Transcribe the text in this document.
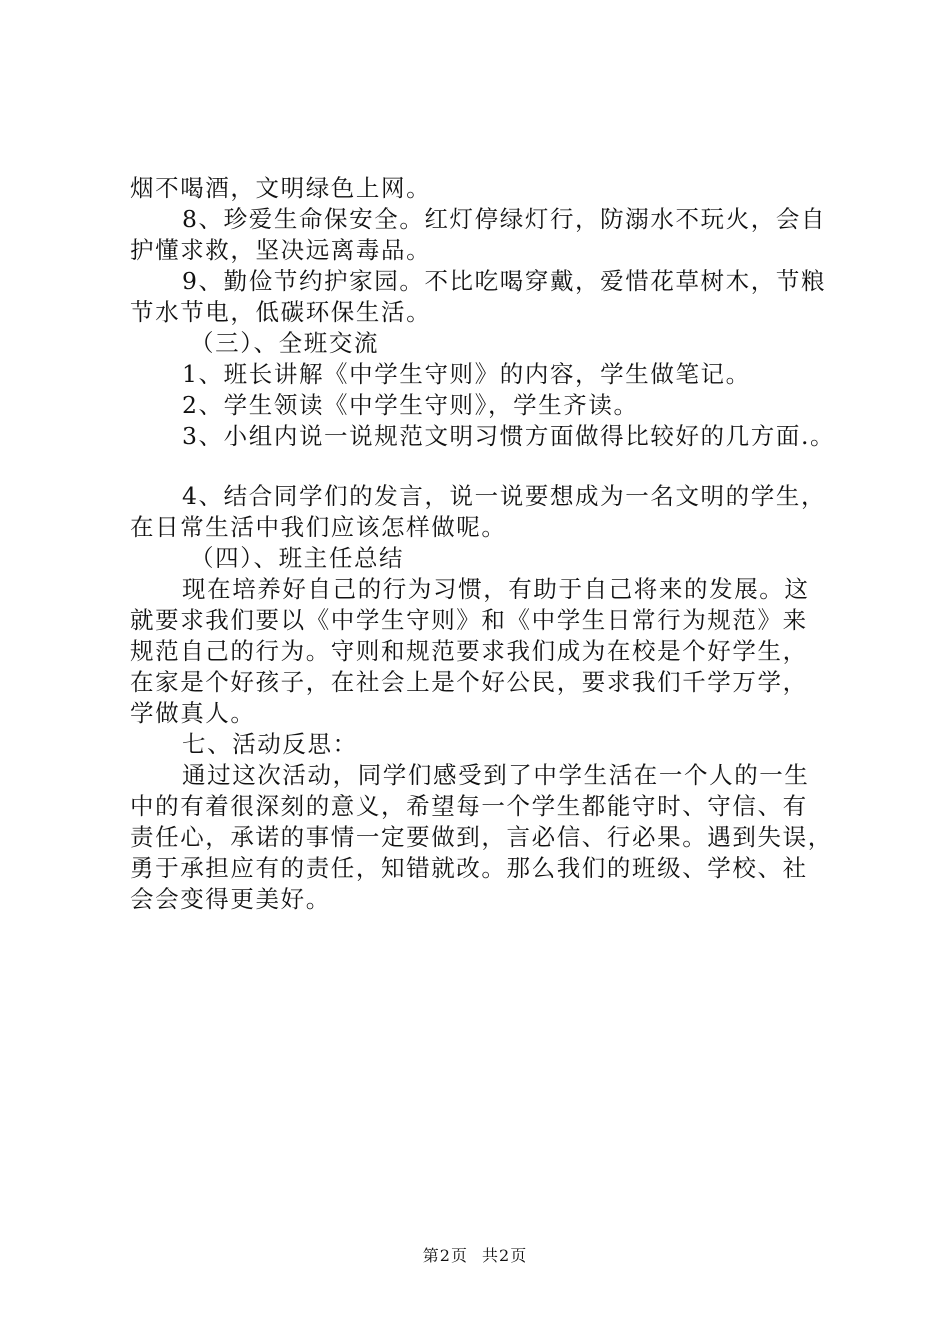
烟不喝酒，文明绿色上网。
8、珍爱生命保安全。红灯停绿灯行，防溺水不玩火，会自
护懂求救，坚决远离毒品。
9、勤俭节约护家园。不比吃喝穿戴，爱惜花草树木，节粮
节水节电，低碳环保生活。
（三）、全班交流
1、班长讲解《中学生守则》的内容，学生做笔记。
2、学生领读《中学生守则》，学生齐读。
3、小组内说一说规范文明习惯方面做得比较好的几方面.。
4、结合同学们的发言，说一说要想成为一名文明的学生，
在日常生活中我们应该怎样做呢。
（四）、班主任总结
现在培养好自己的行为习惯，有助于自己将来的发展。这
就要求我们要以《中学生守则》和《中学生日常行为规范》来
规范自己的行为。守则和规范要求我们成为在校是个好学生，
在家是个好孩子，在社会上是个好公民，要求我们千学万学，
学做真人。
七、活动反思：
通过这次活动，同学们感受到了中学生活在一个人的一生
中的有着很深刻的意义，希望每一个学生都能守时、守信、有
责任心，承诺的事情一定要做到，言必信、行必果。遇到失误，
勇于承担应有的责任，知错就改。那么我们的班级、学校、社
会会变得更美好。
第2页 共2页
